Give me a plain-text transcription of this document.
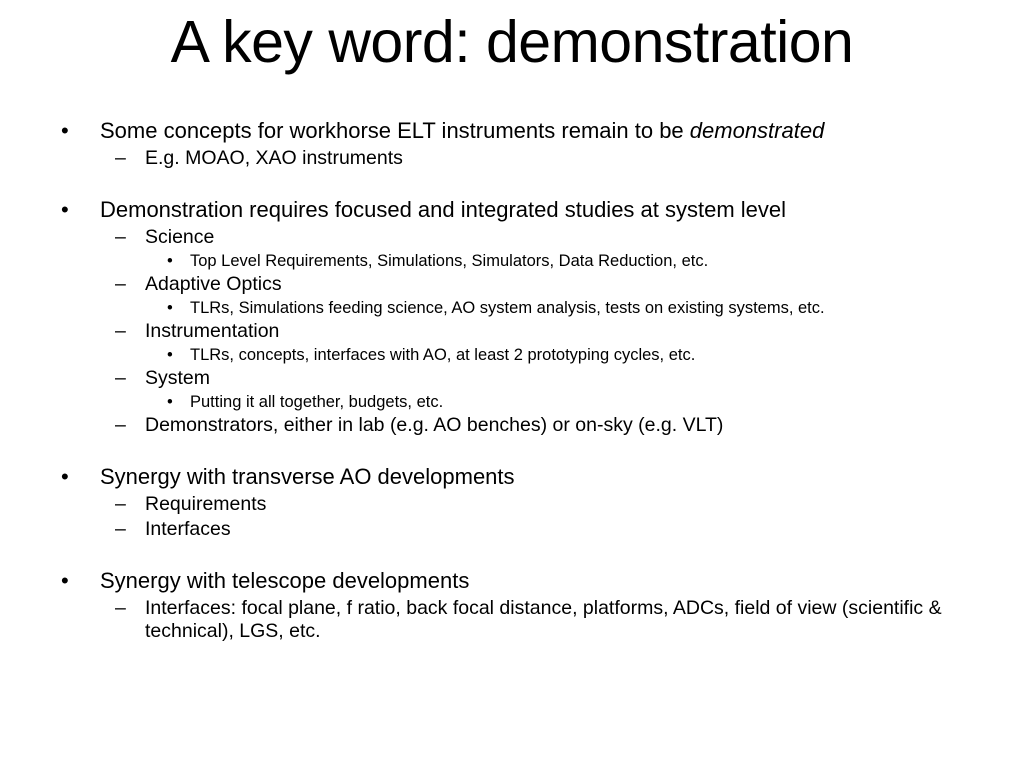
A key word: demonstration
• Some concepts for workhorse ELT instruments remain to be demonstrated
– E.g. MOAO, XAO instruments
• Demonstration requires focused and integrated studies at system level
– Science
• Top Level Requirements, Simulations, Simulators, Data Reduction, etc.
– Adaptive Optics
• TLRs, Simulations feeding science, AO system analysis, tests on existing systems, etc.
– Instrumentation
• TLRs, concepts, interfaces with AO, at least 2 prototyping cycles, etc.
– System
• Putting it all together, budgets, etc.
– Demonstrators, either in lab (e.g. AO benches) or on-sky (e.g. VLT)
• Synergy with transverse AO developments
– Requirements
– Interfaces
• Synergy with telescope developments
– Interfaces: focal plane, f ratio, back focal distance, platforms, ADCs, field of view (scientific & technical), LGS, etc.
